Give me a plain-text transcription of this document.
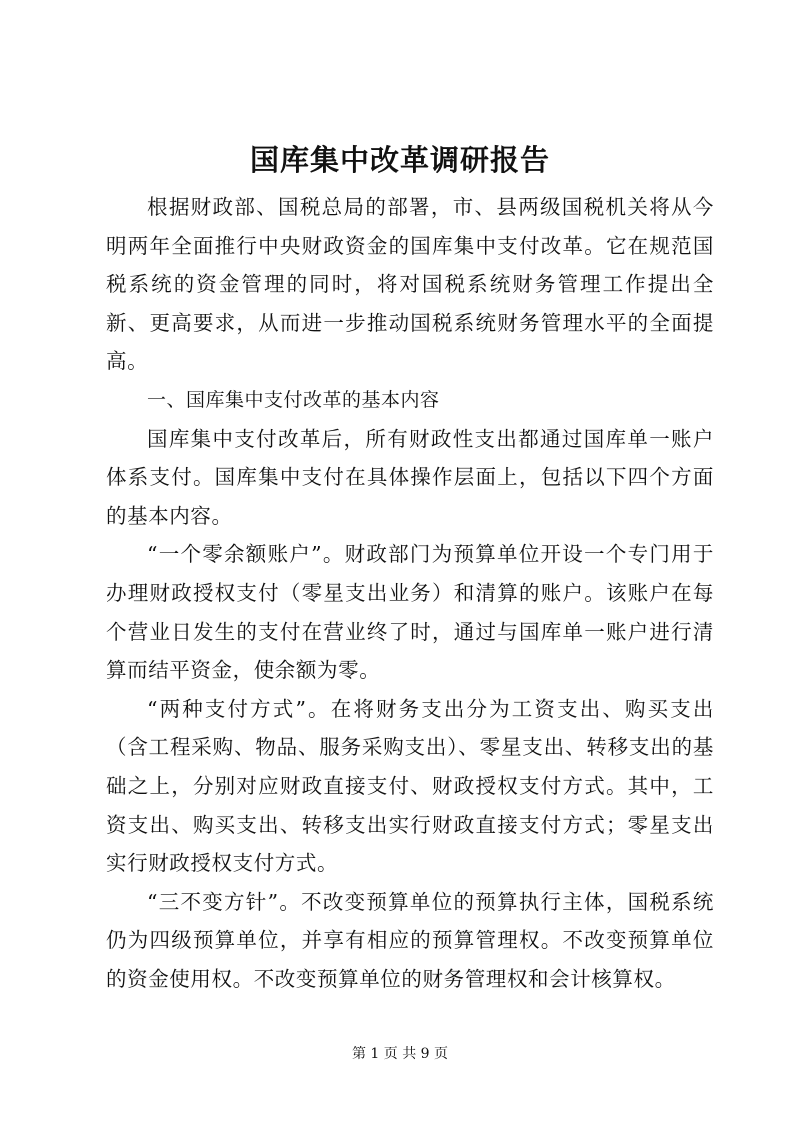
国库集中改革调研报告

根据财政部、国税总局的部署，市、县两级国税机关将从今明两年全面推行中央财政资金的国库集中支付改革。它在规范国税系统的资金管理的同时，将对国税系统财务管理工作提出全新、更高要求，从而进一步推动国税系统财务管理水平的全面提高。

一、国库集中支付改革的基本内容

国库集中支付改革后，所有财政性支出都通过国库单一账户体系支付。国库集中支付在具体操作层面上，包括以下四个方面的基本内容。

“一个零余额账户”。财政部门为预算单位开设一个专门用于办理财政授权支付（零星支出业务）和清算的账户。该账户在每个营业日发生的支付在营业终了时，通过与国库单一账户进行清算而结平资金，使余额为零。

“两种支付方式”。在将财务支出分为工资支出、购买支出（含工程采购、物品、服务采购支出）、零星支出、转移支出的基础之上，分别对应财政直接支付、财政授权支付方式。其中，工资支出、购买支出、转移支出实行财政直接支付方式；零星支出实行财政授权支付方式。

“三不变方针”。不改变预算单位的预算执行主体，国税系统仍为四级预算单位，并享有相应的预算管理权。不改变预算单位的资金使用权。不改变预算单位的财务管理权和会计核算权。

第 1 页 共 9 页
